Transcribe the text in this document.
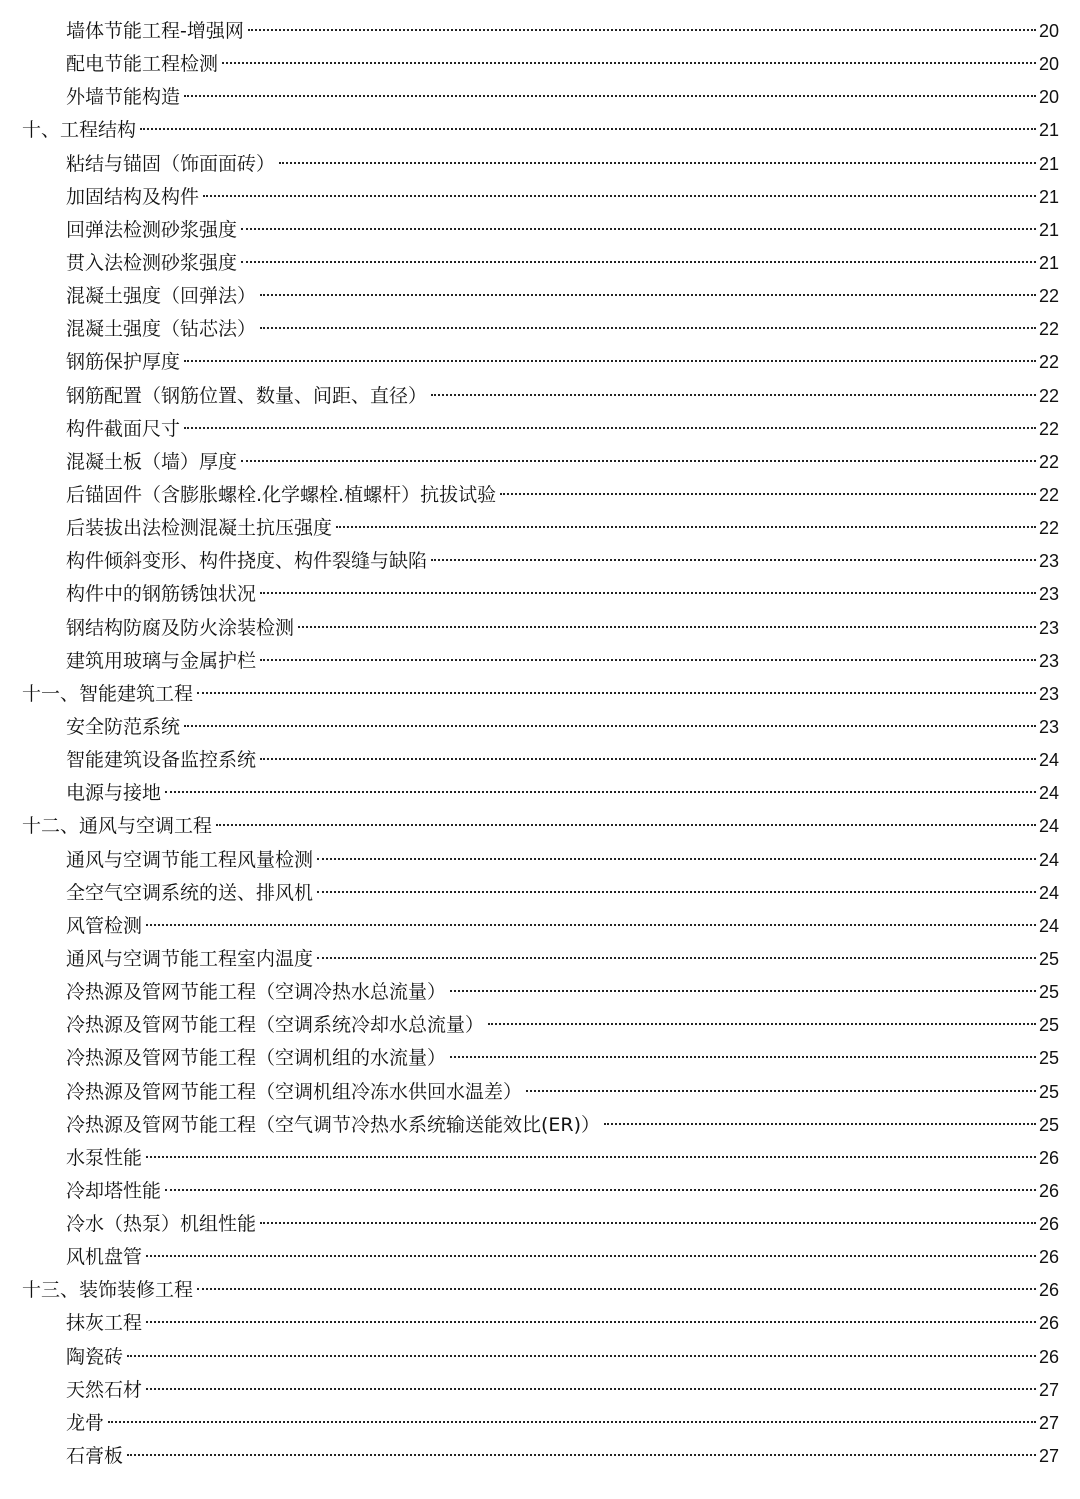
墙体节能工程-增强网	20
配电节能工程检测	20
外墙节能构造	20
十、工程结构	21
粘结与锚固（饰面面砖）	21
加固结构及构件	21
回弹法检测砂浆强度	21
贯入法检测砂浆强度	21
混凝土强度（回弹法）	22
混凝土强度（钻芯法）	22
钢筋保护厚度	22
钢筋配置（钢筋位置、数量、间距、直径）	22
构件截面尺寸	22
混凝土板（墙）厚度	22
后锚固件（含膨胀螺栓.化学螺栓.植螺杆）抗拔试验	22
后装拔出法检测混凝土抗压强度	22
构件倾斜变形、构件挠度、构件裂缝与缺陷	23
构件中的钢筋锈蚀状况	23
钢结构防腐及防火涂装检测	23
建筑用玻璃与金属护栏	23
十一、智能建筑工程	23
安全防范系统	23
智能建筑设备监控系统	24
电源与接地	24
十二、通风与空调工程	24
通风与空调节能工程风量检测	24
全空气空调系统的送、排风机	24
风管检测	24
通风与空调节能工程室内温度	25
冷热源及管网节能工程（空调冷热水总流量）	25
冷热源及管网节能工程（空调系统冷却水总流量）	25
冷热源及管网节能工程（空调机组的水流量）	25
冷热源及管网节能工程（空调机组冷冻水供回水温差）	25
冷热源及管网节能工程（空气调节冷热水系统输送能效比(ER)）	25
水泵性能	26
冷却塔性能	26
冷水（热泵）机组性能	26
风机盘管	26
十三、装饰装修工程	26
抹灰工程	26
陶瓷砖	26
天然石材	27
龙骨	27
石膏板	27
